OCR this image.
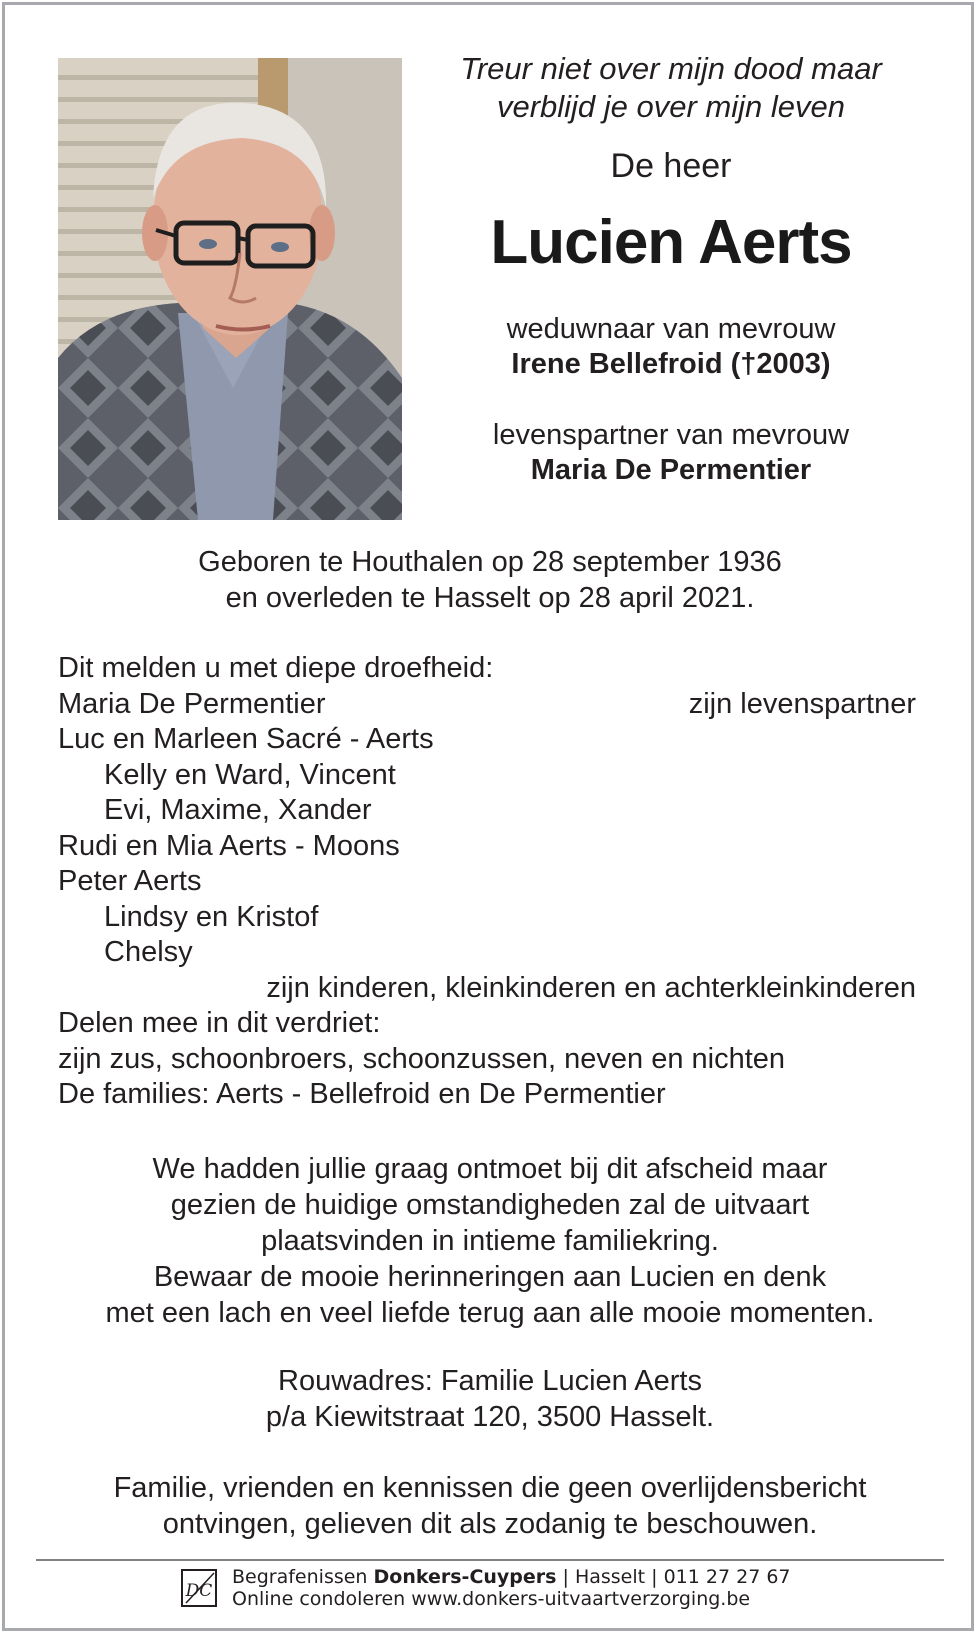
Treur niet over mijn dood maar
verblijd je over mijn leven
De heer
Lucien Aerts
weduwnaar van mevrouw
Irene Bellefroid (†2003)
levenspartner van mevrouw
Maria De Permentier
Geboren te Houthalen op 28 september 1936
en overleden te Hasselt op 28 april 2021.
Dit melden u met diepe droefheid:
Maria De Permentier	zijn levenspartner
Luc en Marleen Sacré - Aerts
Kelly en Ward, Vincent
Evi, Maxime, Xander
Rudi en Mia Aerts - Moons
Peter Aerts
Lindsy en Kristof
Chelsy
zijn kinderen, kleinkinderen en achterkleinkinderen
Delen mee in dit verdriet:
zijn zus, schoonbroers, schoonzussen, neven en nichten
De families: Aerts - Bellefroid en De Permentier
We hadden jullie graag ontmoet bij dit afscheid maar
gezien de huidige omstandigheden zal de uitvaart
plaatsvinden in intieme familiekring.
Bewaar de mooie herinneringen aan Lucien en denk
met een lach en veel liefde terug aan alle mooie momenten.
Rouwadres: Familie Lucien Aerts
p/a Kiewitstraat 120, 3500 Hasselt.
Familie, vrienden en kennissen die geen overlijdensbericht
ontvingen, gelieven dit als zodanig te beschouwen.
DC
Begrafenissen Donkers-Cuypers | Hasselt | 011 27 27 67
Online condoleren www.donkers-uitvaartverzorging.be
